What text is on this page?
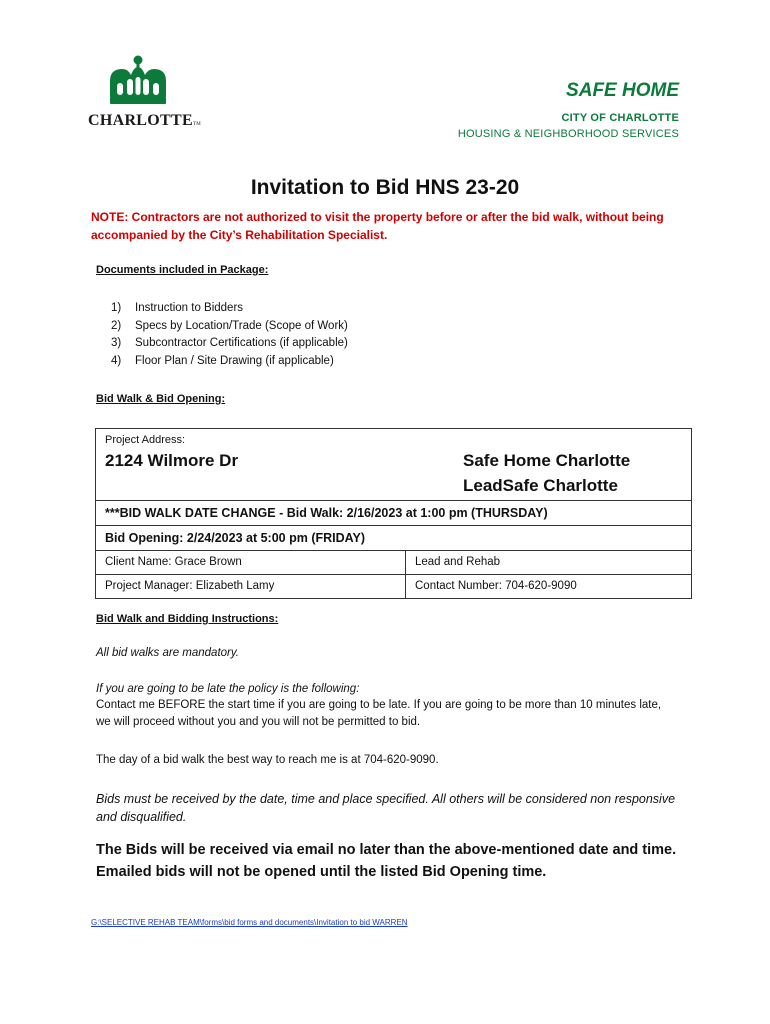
CHARLOTTETM
SAFE HOME
CITY OF CHARLOTTE
HOUSING & NEIGHBORHOOD SERVICES
Invitation to Bid HNS 23-20
NOTE: Contractors are not authorized to visit the property before or after the bid walk, without being accompanied by the City’s Rehabilitation Specialist.
Documents included in Package:
1)	Instruction to Bidders
2)	Specs by Location/Trade (Scope of Work)
3)	Subcontractor Certifications (if applicable)
4)	Floor Plan / Site Drawing (if applicable)
Bid Walk & Bid Opening:
Project Address:
2124 Wilmore Dr	Safe Home Charlotte
LeadSafe Charlotte
***BID WALK DATE CHANGE - Bid Walk: 2/16/2023 at 1:00 pm (THURSDAY)
Bid Opening: 2/24/2023 at 5:00 pm (FRIDAY)
Client Name: Grace Brown	Lead and Rehab
Project Manager: Elizabeth Lamy	Contact Number: 704-620-9090
Bid Walk and Bidding Instructions:
All bid walks are mandatory.
If you are going to be late the policy is the following:
Contact me BEFORE the start time if you are going to be late. If you are going to be more than 10 minutes late, we will proceed without you and you will not be permitted to bid.
The day of a bid walk the best way to reach me is at 704-620-9090.
Bids must be received by the date, time and place specified. All others will be considered non responsive and disqualified.
The Bids will be received via email no later than the above-mentioned date and time. Emailed bids will not be opened until the listed Bid Opening time.
G:\SELECTIVE REHAB TEAM\forms\bid forms and documents\Invitation to bid WARREN
